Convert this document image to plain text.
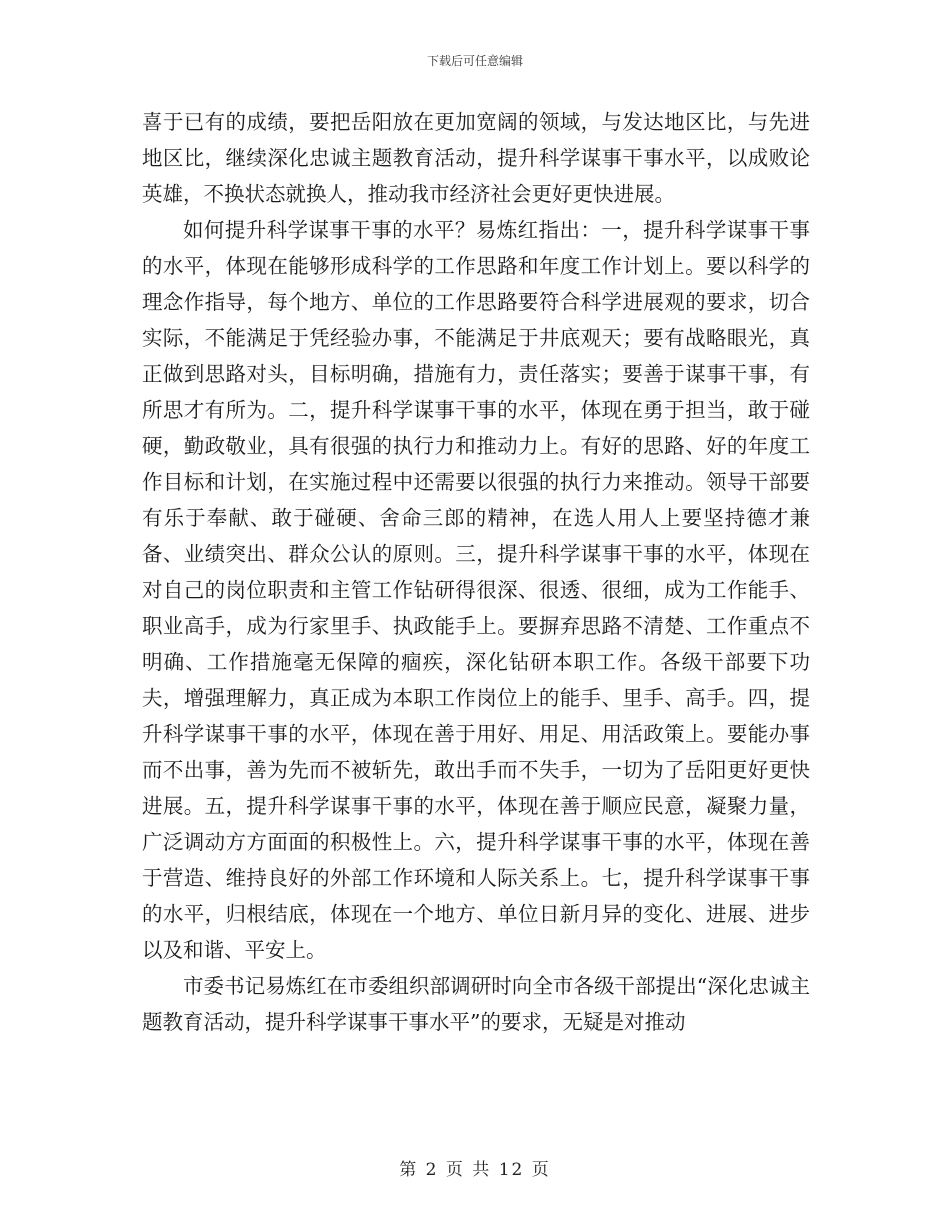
下载后可任意编辑

喜于已有的成绩，要把岳阳放在更加宽阔的领域，与发达地区比，与先进地区比，继续深化忠诚主题教育活动，提升科学谋事干事水平，以成败论英雄，不换状态就换人，推动我市经济社会更好更快进展。

如何提升科学谋事干事的水平？易炼红指出：一，提升科学谋事干事的水平，体现在能够形成科学的工作思路和年度工作计划上。要以科学的理念作指导，每个地方、单位的工作思路要符合科学进展观的要求，切合实际，不能满足于凭经验办事，不能满足于井底观天；要有战略眼光，真正做到思路对头，目标明确，措施有力，责任落实；要善于谋事干事，有所思才有所为。二，提升科学谋事干事的水平，体现在勇于担当，敢于碰硬，勤政敬业，具有很强的执行力和推动力上。有好的思路、好的年度工作目标和计划，在实施过程中还需要以很强的执行力来推动。领导干部要有乐于奉献、敢于碰硬、舍命三郎的精神，在选人用人上要坚持德才兼备、业绩突出、群众公认的原则。三，提升科学谋事干事的水平，体现在对自己的岗位职责和主管工作钻研得很深、很透、很细，成为工作能手、职业高手，成为行家里手、执政能手上。要摒弃思路不清楚、工作重点不明确、工作措施毫无保障的痼疾，深化钻研本职工作。各级干部要下功夫，增强理解力，真正成为本职工作岗位上的能手、里手、高手。四，提升科学谋事干事的水平，体现在善于用好、用足、用活政策上。要能办事而不出事，善为先而不被斩先，敢出手而不失手，一切为了岳阳更好更快进展。五，提升科学谋事干事的水平，体现在善于顺应民意，凝聚力量，广泛调动方方面面的积极性上。六，提升科学谋事干事的水平，体现在善于营造、维持良好的外部工作环境和人际关系上。七，提升科学谋事干事的水平，归根结底，体现在一个地方、单位日新月异的变化、进展、进步以及和谐、平安上。

市委书记易炼红在市委组织部调研时向全市各级干部提出“深化忠诚主题教育活动，提升科学谋事干事水平”的要求，无疑是对推动

第 2 页 共 12 页
